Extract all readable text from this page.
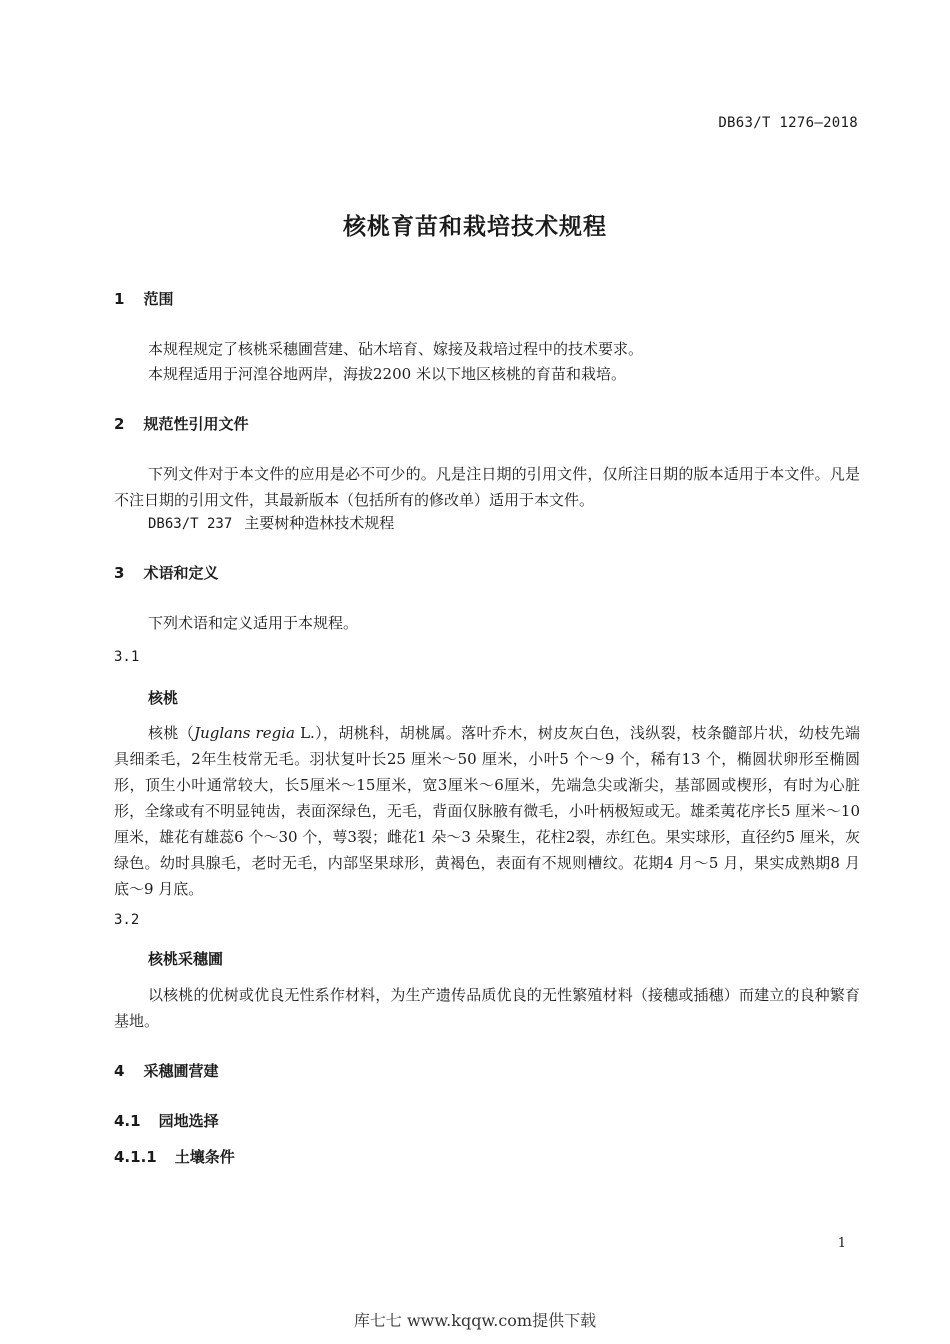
DB63/T 1276—2018
核桃育苗和栽培技术规程
1 范围
本规程规定了核桃采穗圃营建、砧木培育、嫁接及栽培过程中的技术要求。
本规程适用于河湟谷地两岸，海拔2200 米以下地区核桃的育苗和栽培。
2 规范性引用文件
下列文件对于本文件的应用是必不可少的。凡是注日期的引用文件，仅所注日期的版本适用于本文件。凡是不注日期的引用文件，其最新版本（包括所有的修改单）适用于本文件。
DB63/T 237 主要树种造林技术规程
3 术语和定义
下列术语和定义适用于本规程。
3.1
核桃
核桃（Juglans regia L.），胡桃科，胡桃属。落叶乔木，树皮灰白色，浅纵裂，枝条髓部片状，幼枝先端具细柔毛，2年生枝常无毛。羽状复叶长25 厘米～50 厘米，小叶5 个～9 个，稀有13 个，椭圆状卵形至椭圆形，顶生小叶通常较大，长5厘米～15厘米，宽3厘米～6厘米，先端急尖或渐尖，基部圆或楔形，有时为心脏形，全缘或有不明显钝齿，表面深绿色，无毛，背面仅脉腋有微毛，小叶柄极短或无。雄柔荑花序长5 厘米～10 厘米，雄花有雄蕊6 个～30 个，萼3裂；雌花1 朵～3 朵聚生，花柱2裂，赤红色。果实球形，直径约5 厘米，灰绿色。幼时具腺毛，老时无毛，内部坚果球形，黄褐色，表面有不规则槽纹。花期4 月～5 月，果实成熟期8 月底～9 月底。
3.2
核桃采穗圃
以核桃的优树或优良无性系作材料，为生产遗传品质优良的无性繁殖材料（接穗或插穗）而建立的良种繁育基地。
4 采穗圃营建
4.1 园地选择
4.1.1 土壤条件
1
库七七 www.kqqw.com提供下载
